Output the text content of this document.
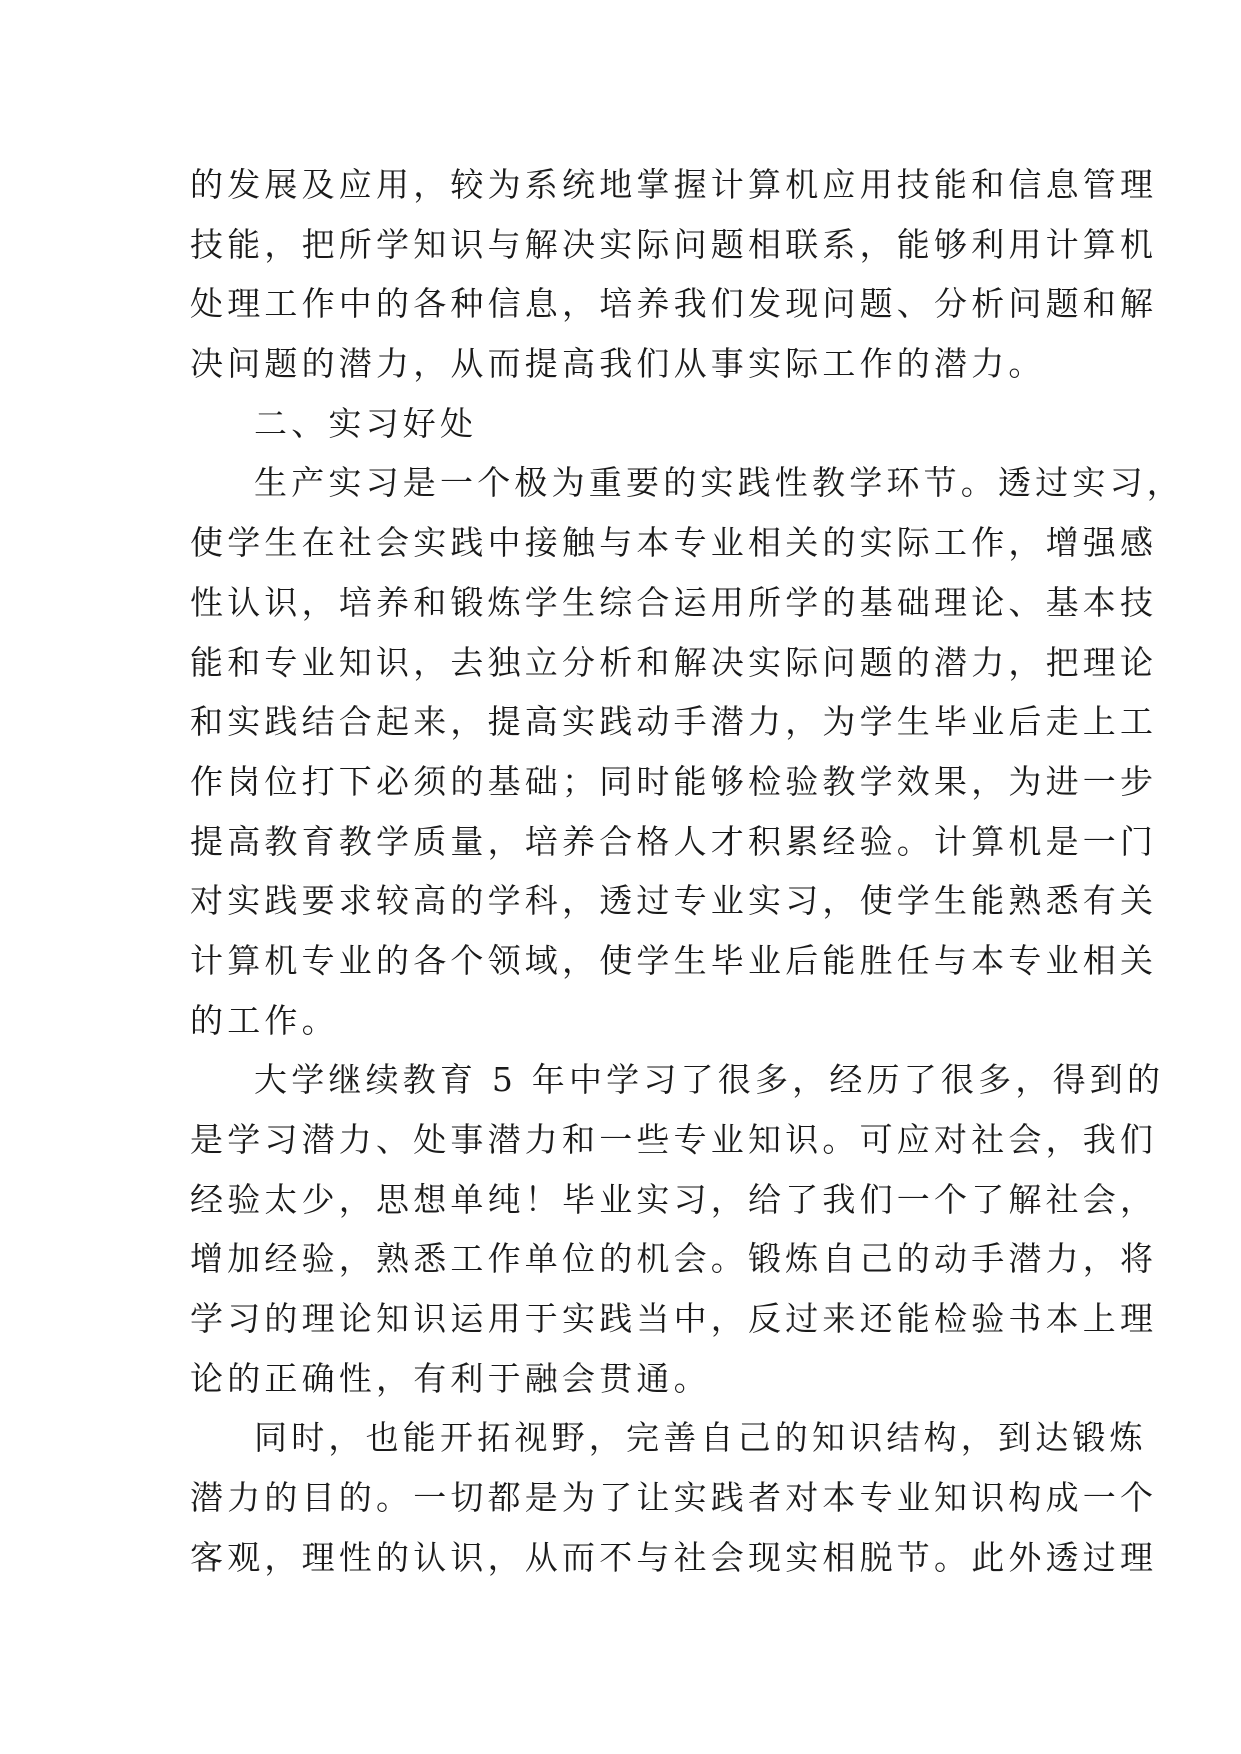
的发展及应用，较为系统地掌握计算机应用技能和信息管理
技能，把所学知识与解决实际问题相联系，能够利用计算机
处理工作中的各种信息，培养我们发现问题、分析问题和解
决问题的潜力，从而提高我们从事实际工作的潜力。
二、实习好处
生产实习是一个极为重要的实践性教学环节。透过实习，
使学生在社会实践中接触与本专业相关的实际工作，增强感
性认识，培养和锻炼学生综合运用所学的基础理论、基本技
能和专业知识，去独立分析和解决实际问题的潜力，把理论
和实践结合起来，提高实践动手潜力，为学生毕业后走上工
作岗位打下必须的基础；同时能够检验教学效果，为进一步
提高教育教学质量，培养合格人才积累经验。计算机是一门
对实践要求较高的学科，透过专业实习，使学生能熟悉有关
计算机专业的各个领域，使学生毕业后能胜任与本专业相关
的工作。
大学继续教育 5 年中学习了很多，经历了很多，得到的
是学习潜力、处事潜力和一些专业知识。可应对社会，我们
经验太少，思想单纯！毕业实习，给了我们一个了解社会，
增加经验，熟悉工作单位的机会。锻炼自己的动手潜力，将
学习的理论知识运用于实践当中，反过来还能检验书本上理
论的正确性，有利于融会贯通。
同时，也能开拓视野，完善自己的知识结构，到达锻炼
潜力的目的。一切都是为了让实践者对本专业知识构成一个
客观，理性的认识，从而不与社会现实相脱节。此外透过理
